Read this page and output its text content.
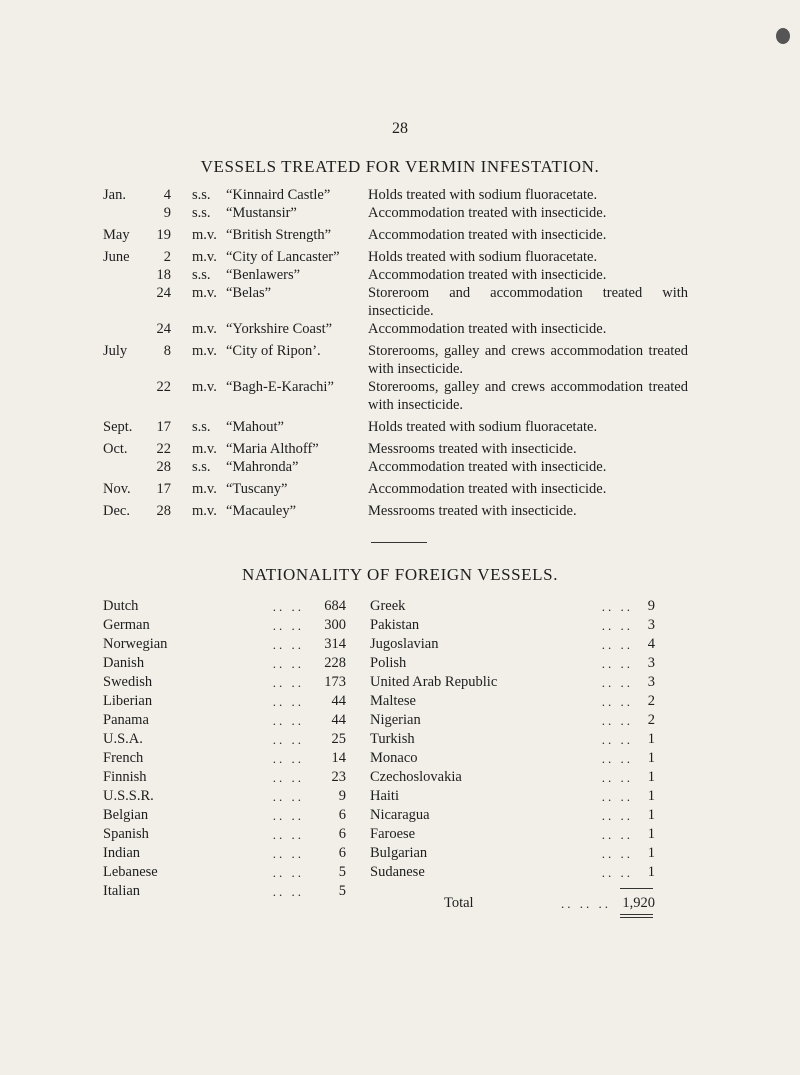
28
VESSELS TREATED FOR VERMIN INFESTATION.
Jan.	4 s.s.	“Kinnaird Castle”	Holds treated with sodium fluoracetate.
9 s.s.	“Mustansir”	Accommodation treated with insecticide.
May	19 m.v. “British Strength”	Accommodation treated with insecticide.
June	2 m.v. “City of Lancaster” Holds treated with sodium fluoracetate.
18 s.s.	“Benlawers”	Accommodation treated with insecticide.
24 m.v. “Belas”	Storeroom and accommodation treated with insecticide.
24 m.v. “Yorkshire Coast” Accommodation treated with insecticide.
July	8 m.v. “City of Ripon’.	Storerooms, galley and crews accommodation treated with insecticide.
22 m.v. “Bagh-E-Karachi” Storerooms, galley and crews accommodation treated with insecticide.
Sept.	17 s.s.	“Mahout”	Holds treated with sodium fluoracetate.
Oct.	22 m.v. “Maria Althoff”	Messrooms treated with insecticide.
28 s.s.	“Mahronda”	Accommodation treated with insecticide.
Nov.	17 m.v. “Tuscany”	Accommodation treated with insecticide.
Dec.	28 m.v. “Macauley”	Messrooms treated with insecticide.
NATIONALITY OF FOREIGN VESSELS.
Dutch	.. .. 684
German	.. .. 300
Norwegian	.. .. 314
Danish	.. .. 228
Swedish	.. .. 173
Liberian	.. .. 44
Panama	.. .. 44
U.S.A.	.. .. 25
French	.. .. 14
Finnish	.. .. 23
U.S.S.R.	.. .. 9
Belgian	.. .. 6
Spanish	.. .. 6
Indian	.. .. 6
Lebanese	.. .. 5
Italian	.. .. 5
Greek	.. .. 9
Pakistan	.. .. 3
Jugoslavian	.. .. 4
Polish	.. .. 3
United Arab Republic	.. .. 3
Maltese	.. .. 2
Nigerian	.. .. 2
Turkish	.. .. 1
Monaco	.. .. 1
Czechoslovakia	.. .. 1
Haiti	.. .. 1
Nicaragua	.. .. 1
Faroese	.. .. 1
Bulgarian	.. .. 1
Sudanese	.. .. 1
Total	.. .. .. 1,920
